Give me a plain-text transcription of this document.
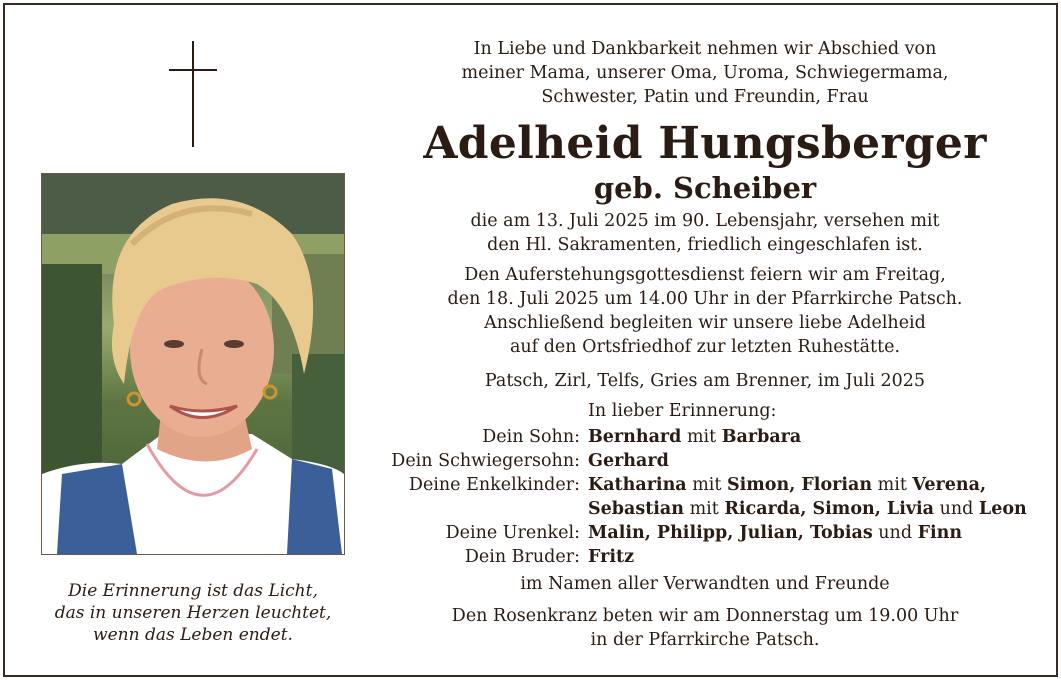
Die Erinnerung ist das Licht,
das in unseren Herzen leuchtet,
wenn das Leben endet.
In Liebe und Dankbarkeit nehmen wir Abschied von
meiner Mama, unserer Oma, Uroma, Schwiegermama,
Schwester, Patin und Freundin, Frau
Adelheid Hungsberger
geb. Scheiber
die am 13. Juli 2025 im 90. Lebensjahr, versehen mit
den Hl. Sakramenten, friedlich eingeschlafen ist.
Den Auferstehungsgottesdienst feiern wir am Freitag,
den 18. Juli 2025 um 14.00 Uhr in der Pfarrkirche Patsch.
Anschließend begleiten wir unsere liebe Adelheid
auf den Ortsfriedhof zur letzten Ruhestätte.
Patsch, Zirl, Telfs, Gries am Brenner, im Juli 2025
In lieber Erinnerung:
Dein Sohn: Bernhard mit Barbara
Dein Schwiegersohn: Gerhard
Deine Enkelkinder: Katharina mit Simon, Florian mit Verena,
Sebastian mit Ricarda, Simon, Livia und Leon
Deine Urenkel: Malin, Philipp, Julian, Tobias und Finn
Dein Bruder: Fritz
im Namen aller Verwandten und Freunde
Den Rosenkranz beten wir am Donnerstag um 19.00 Uhr
in der Pfarrkirche Patsch.
